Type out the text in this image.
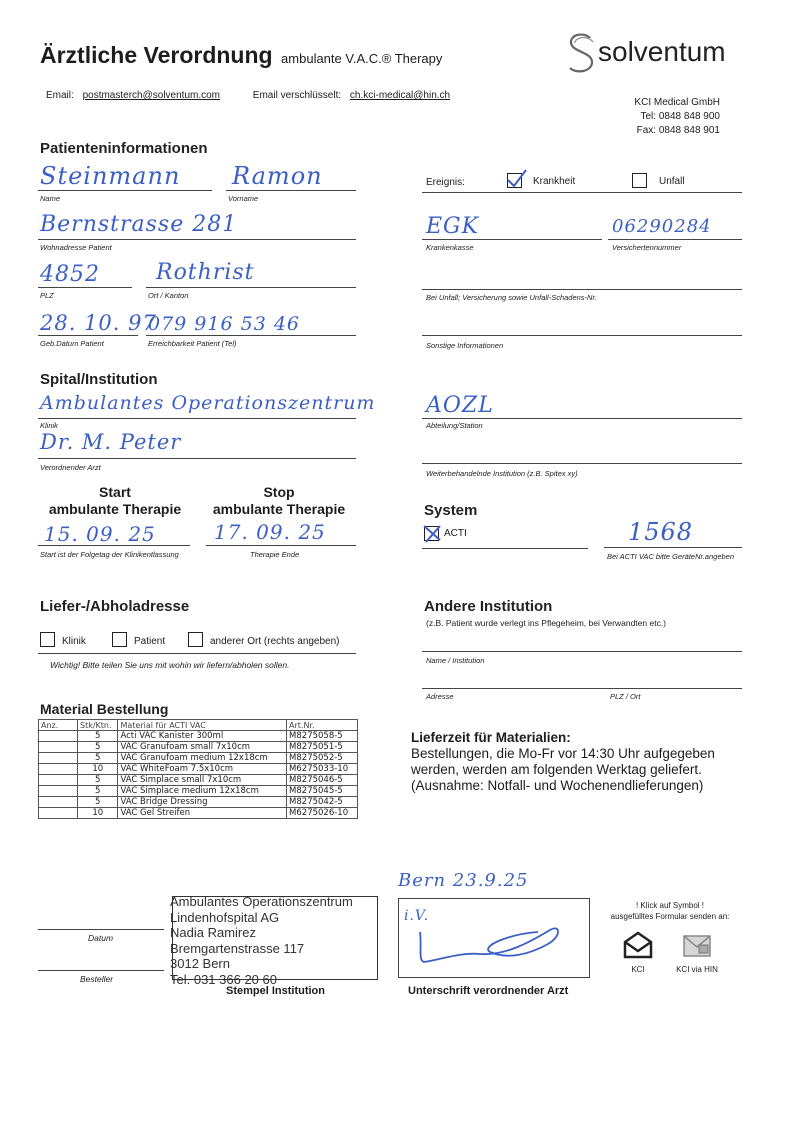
Ärztliche Verordnung ambulante V.A.C.® Therapy	solventum
Email: postmasterch@solventum.com	Email verschlüsselt: ch.kci-medical@hin.ch
KCI Medical GmbH
Tel: 0848 848 900
Fax: 0848 848 901
Patienteninformationen
Steinmann
Name
Ramon
Vorname
Bernstrasse 281
Wohnadresse Patient
4852
PLZ
Rothrist
Ort / Kanton
28. 10. 97
Geb.Datum Patient
079 916 53 46
Erreichbarkeit Patient (Tel)
Ereignis:	Krankheit	Unfall
EGK
Krankenkasse
06290284
Versichertennummer
Bei Unfall; Versicherung sowie Unfall-Schadens-Nr.
Sonstige Informationen
Spital/Institution
Ambulantes Operationszentrum
Klinik
Dr. M. Peter
Verordnender Arzt
AOZL
Abteilung/Station
Weiterbehandelnde Institution (z.B. Spitex xy)
Start
ambulante Therapie
Stop
ambulante Therapie
15. 09. 25
Start ist der Folgetag der Klinikentlassung
17. 09. 25
Therapie Ende
System
ACTI	1568
Bei ACTI VAC bitte GeräteNr.angeben
Liefer-/Abholadresse
Klinik	Patient	anderer Ort (rechts angeben)
Wichtig! Bitte teilen Sie uns mit wohin wir liefern/abholen sollen.
Andere Institution
(z.B. Patient wurde verlegt ins Pflegeheim, bei Verwandten etc.)
Name / Institution
Adresse	PLZ / Ort
Material Bestellung
Anz.	Stk/Ktn.	Material für ACTI VAC	Art.Nr.
	5	Acti VAC Kanister 300ml	M8275058-5
	5	VAC Granufoam small 7x10cm	M8275051-5
	5	VAC Granufoam medium 12x18cm	M8275052-5
	10	VAC WhiteFoam 7.5x10cm	M6275033-10
	5	VAC Simplace small 7x10cm	M8275046-5
	5	VAC Simplace medium 12x18cm	M8275045-5
	5	VAC Bridge Dressing	M8275042-5
	10	VAC Gel Streifen	M6275026-10
Lieferzeit für Materialien:
Bestellungen, die Mo-Fr vor 14:30 Uhr aufgegeben
werden, werden am folgenden Werktag geliefert.
(Ausnahme: Notfall- und Wochenendlieferungen)
Datum
Besteller
Ambulantes Operationszentrum
Lindenhofspital AG
Nadia Ramirez
Bremgartenstrasse 117
3012 Bern
Tel. 031 366 20 60
Stempel Institution
Bern 23.9.25
i.V.
Unterschrift verordnender Arzt
! Klick auf Symbol !
ausgefülltes Formular senden an:
KCI	KCI via HIN
